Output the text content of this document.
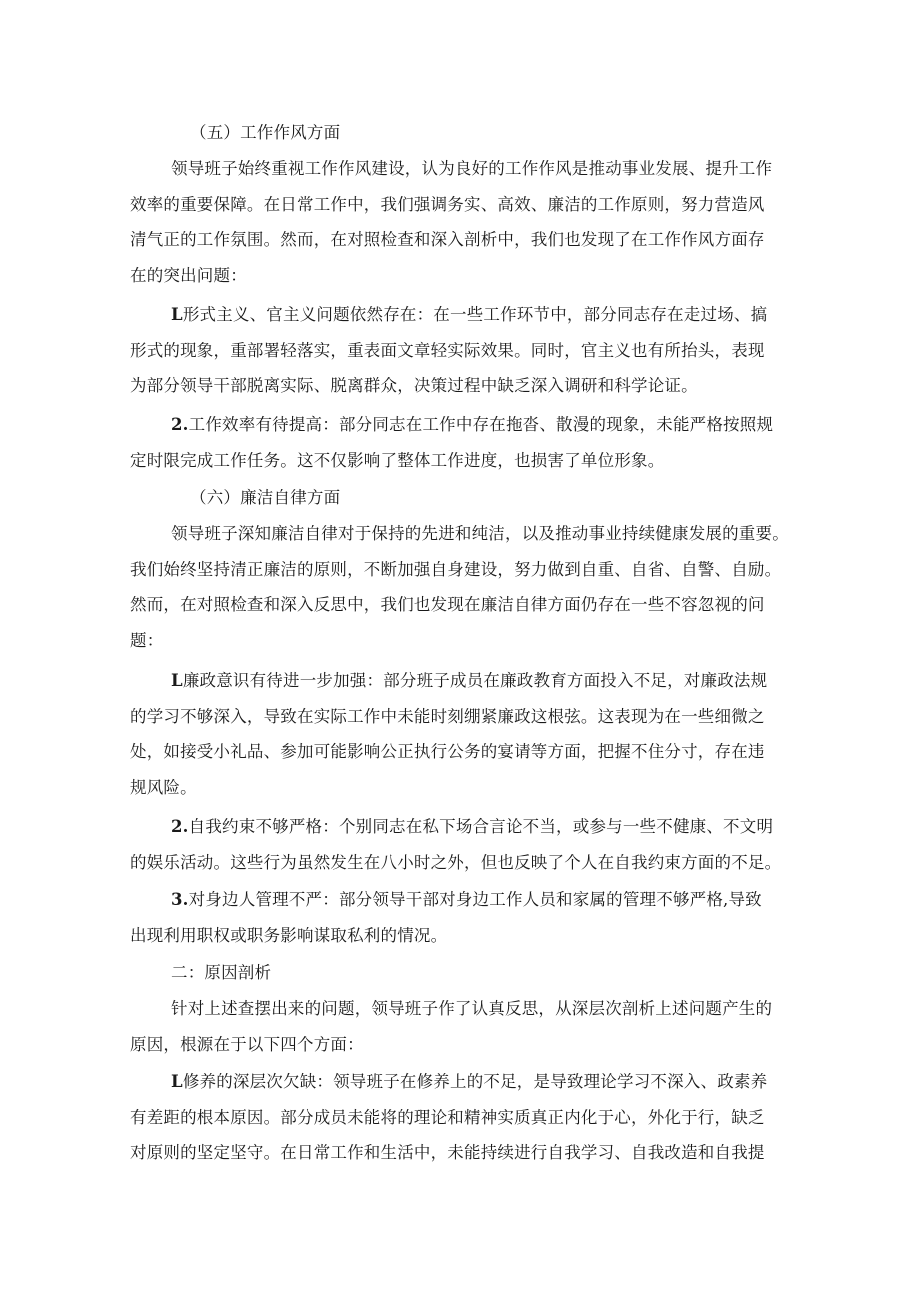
（五）工作作风方面
领导班子始终重视工作作风建设，认为良好的工作作风是推动事业发展、提升工作
效率的重要保障。在日常工作中，我们强调务实、高效、廉洁的工作原则，努力营造风
清气正的工作氛围。然而，在对照检查和深入剖析中，我们也发现了在工作作风方面存
在的突出问题：
L形式主义、官主义问题依然存在：在一些工作环节中，部分同志存在走过场、搞
形式的现象，重部署轻落实，重表面文章轻实际效果。同时，官主义也有所抬头，表现
为部分领导干部脱离实际、脱离群众，决策过程中缺乏深入调研和科学论证。
2.工作效率有待提高：部分同志在工作中存在拖沓、散漫的现象，未能严格按照规
定时限完成工作任务。这不仅影响了整体工作进度，也损害了单位形象。
（六）廉洁自律方面
领导班子深知廉洁自律对于保持的先进和纯洁，以及推动事业持续健康发展的重要。
我们始终坚持清正廉洁的原则，不断加强自身建设，努力做到自重、自省、自警、自励。
然而，在对照检查和深入反思中，我们也发现在廉洁自律方面仍存在一些不容忽视的问
题：
L廉政意识有待进一步加强：部分班子成员在廉政教育方面投入不足，对廉政法规
的学习不够深入，导致在实际工作中未能时刻绷紧廉政这根弦。这表现为在一些细微之
处，如接受小礼品、参加可能影响公正执行公务的宴请等方面，把握不住分寸，存在违
规风险。
2.自我约束不够严格：个别同志在私下场合言论不当，或参与一些不健康、不文明
的娱乐活动。这些行为虽然发生在八小时之外，但也反映了个人在自我约束方面的不足。
3.对身边人管理不严：部分领导干部对身边工作人员和家属的管理不够严格,导致
出现利用职权或职务影响谋取私利的情况。
二：原因剖析
针对上述查摆出来的问题，领导班子作了认真反思，从深层次剖析上述问题产生的
原因，根源在于以下四个方面：
L修养的深层次欠缺：领导班子在修养上的不足，是导致理论学习不深入、政素养
有差距的根本原因。部分成员未能将的理论和精神实质真正内化于心，外化于行，缺乏
对原则的坚定坚守。在日常工作和生活中，未能持续进行自我学习、自我改造和自我提
